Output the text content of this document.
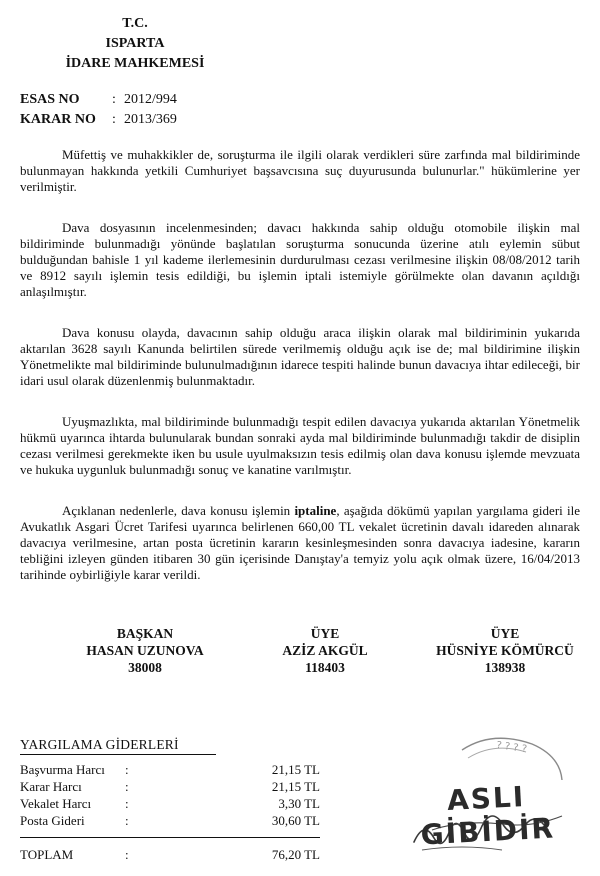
T.C.
ISPARTA
İDARE MAHKEMESİ
ESAS NO	: 2012/994
KARAR NO	: 2013/369

Müfettiş ve muhakkikler de, soruşturma ile ilgili olarak verdikleri süre zarfında mal bildiriminde bulunmayan hakkında yetkili Cumhuriyet başsavcısına suç duyurusunda bulunurlar." hükümlerine yer verilmiştir.

Dava dosyasının incelenmesinden; davacı hakkında sahip olduğu otomobile ilişkin mal bildiriminde bulunmadığı yönünde başlatılan soruşturma sonucunda üzerine atılı eylemin sübut bulduğundan bahisle 1 yıl kademe ilerlemesinin durdurulması cezası verilmesine ilişkin 08/08/2012 tarih ve 8912 sayılı işlemin tesis edildiği, bu işlemin iptali istemiyle görülmekte olan davanın açıldığı anlaşılmıştır.

Dava konusu olayda, davacının sahip olduğu araca ilişkin olarak mal bildiriminin yukarıda aktarılan 3628 sayılı Kanunda belirtilen sürede verilmemiş olduğu açık ise de; mal bildirimine ilişkin Yönetmelikte mal bildiriminde bulunulmadığının idarece tespiti halinde bunun davacıya ihtar edileceği, bir idari usul olarak düzenlenmiş bulunmaktadır.

Uyuşmazlıkta, mal bildiriminde bulunmadığı tespit edilen davacıya yukarıda aktarılan Yönetmelik hükmü uyarınca ihtarda bulunularak bundan sonraki ayda mal bildiriminde bulunmadığı takdir de disiplin cezası verilmesi gerekmekte iken bu usule uyulmaksızın tesis edilmiş olan dava konusu işlemde mevzuata ve hukuka uygunluk bulunmadığı sonuç ve kanatine varılmıştır.

Açıklanan nedenlerle, dava konusu işlemin iptaline, aşağıda dökümü yapılan yargılama gideri ile Avukatlık Asgari Ücret Tarifesi uyarınca belirlenen 660,00 TL vekalet ücretinin davalı idareden alınarak davacıya verilmesine, artan posta ücretinin kararın kesinleşmesinden sonra davacıya iadesine, kararın tebliğini izleyen günden itibaren 30 gün içerisinde Danıştay'a temyiz yolu açık olmak üzere, 16/04/2013 tarihinde oybirliğiyle karar verildi.

BAŞKAN
HASAN UZUNOVA
38008
ÜYE
AZİZ AKGÜL
118403
ÜYE
HÜSNİYE KÖMÜRCÜ
138938
YARGILAMA GİDERLERİ
Başvurma Harcı :	21,15 TL
Karar Harcı	:	21,15 TL
Vekalet Harcı	:	3,30 TL
Posta Gideri	:	30,60 TL
TOPLAM	:	76,20 TL
? ? ? ?
ASLI GİBİDİR
